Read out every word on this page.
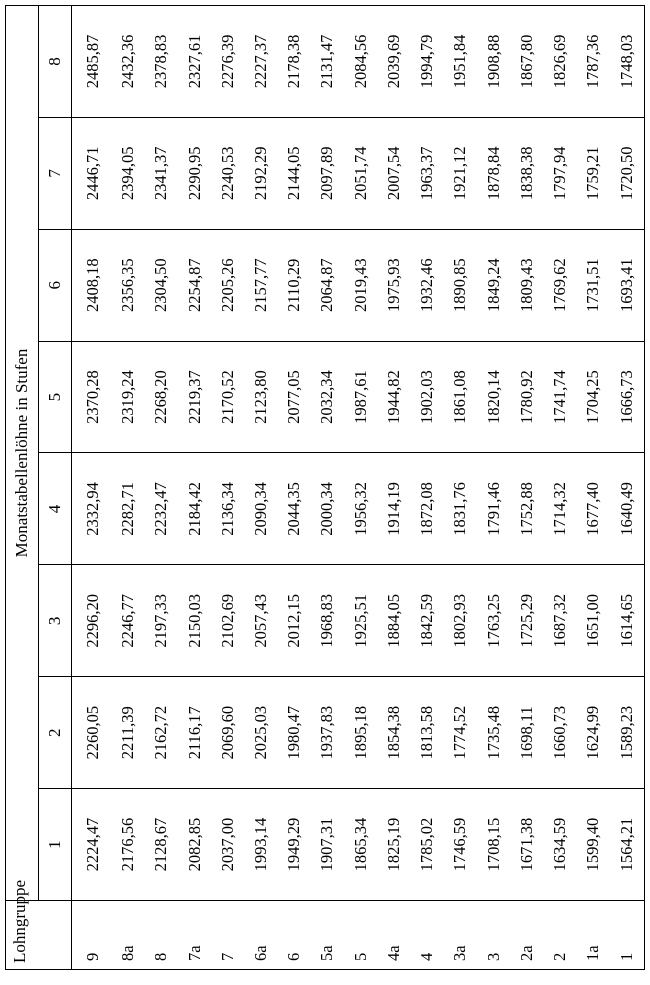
Lohngruppe	Monatstabellenlöhne in Stufen							
	1	2	3	4	5	6	7	8
9	2224,47	2260,05	2296,20	2332,94	2370,28	2408,18	2446,71	2485,87
8a	2176,56	2211,39	2246,77	2282,71	2319,24	2356,35	2394,05	2432,36
8	2128,67	2162,72	2197,33	2232,47	2268,20	2304,50	2341,37	2378,83
7a	2082,85	2116,17	2150,03	2184,42	2219,37	2254,87	2290,95	2327,61
7	2037,00	2069,60	2102,69	2136,34	2170,52	2205,26	2240,53	2276,39
6a	1993,14	2025,03	2057,43	2090,34	2123,80	2157,77	2192,29	2227,37
6	1949,29	1980,47	2012,15	2044,35	2077,05	2110,29	2144,05	2178,38
5a	1907,31	1937,83	1968,83	2000,34	2032,34	2064,87	2097,89	2131,47
5	1865,34	1895,18	1925,51	1956,32	1987,61	2019,43	2051,74	2084,56
4a	1825,19	1854,38	1884,05	1914,19	1944,82	1975,93	2007,54	2039,69
4	1785,02	1813,58	1842,59	1872,08	1902,03	1932,46	1963,37	1994,79
3a	1746,59	1774,52	1802,93	1831,76	1861,08	1890,85	1921,12	1951,84
3	1708,15	1735,48	1763,25	1791,46	1820,14	1849,24	1878,84	1908,88
2a	1671,38	1698,11	1725,29	1752,88	1780,92	1809,43	1838,38	1867,80
2	1634,59	1660,73	1687,32	1714,32	1741,74	1769,62	1797,94	1826,69
1a	1599,40	1624,99	1651,00	1677,40	1704,25	1731,51	1759,21	1787,36
1	1564,21	1589,23	1614,65	1640,49	1666,73	1693,41	1720,50	1748,03
